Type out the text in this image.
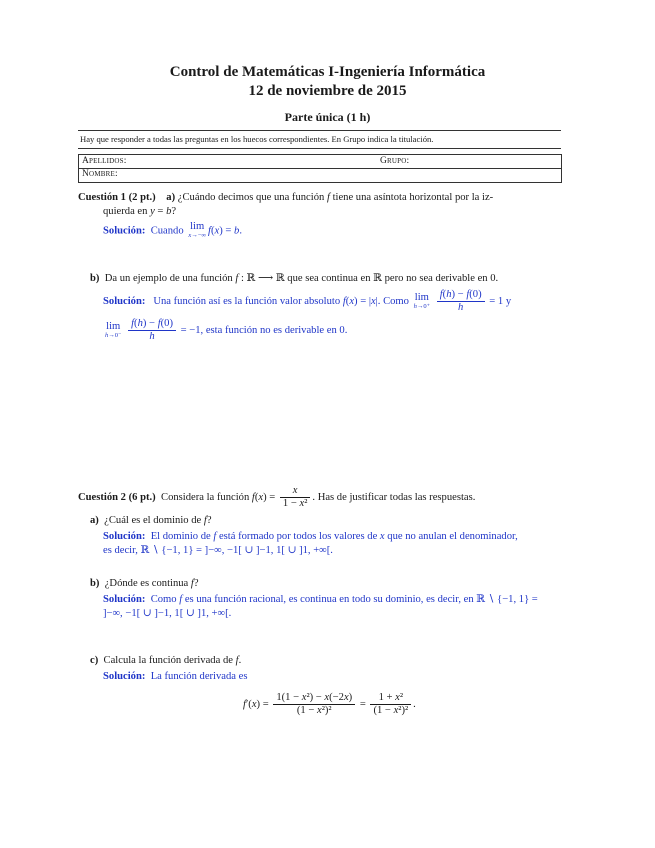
Control de Matemáticas I-Ingeniería Informática
12 de noviembre de 2015
Parte única (1 h)
Hay que responder a todas las preguntas en los huecos correspondientes. En Grupo indica la titulación.
Apellidos:	Grupo:
Nombre:
Cuestión 1 (2 pt.) a) ¿Cuándo decimos que una función f tiene una asíntota horizontal por la iz-
quierda en y = b?
Solución: Cuando lim
x→−∞ f(x) = b.
b) Da un ejemplo de una función f : ℝ ⟶ ℝ que sea continua en ℝ pero no sea derivable en 0.
Solución: Una función así es la función valor absoluto f(x) = |x|. Como lim
h→0⁺
$\frac{f(h) - f(0)}{h} = 1$ y
lim
h→0⁻
$\frac{f(h) - f(0)}{h} = -1$, esta función no es derivable en 0.
Cuestión 2 (6 pt.) Considera la función $f(x) = \frac{x}{\text{1 − x²}}$ . Has de justificar todas las respuestas.
a) ¿Cuál es el dominio de f?
Solución: El dominio de f está formado por todos los valores de x que no anulan el denominador,
es decir, ℝ ∖ {−1, 1} = ]−∞, −1[ ∪ ]−1, 1[ ∪ ]1, +∞[.
b) ¿Dónde es continua f?
Solución: Como f es una función racional, es continua en todo su dominio, es decir, en ℝ ∖ {−1, 1} =
]−∞, −1[ ∪ ]−1, 1[ ∪ ]1, +∞[.
c) Calcula la función derivada de f.
Solución: La función derivada es
$f'(x) = \frac{\text{1(1 − x²) − x(−2x)}}{\text{(1 − x²)²}} = \frac{\text{1 + x²}}{\text{(1 − x²)²}}$ .
